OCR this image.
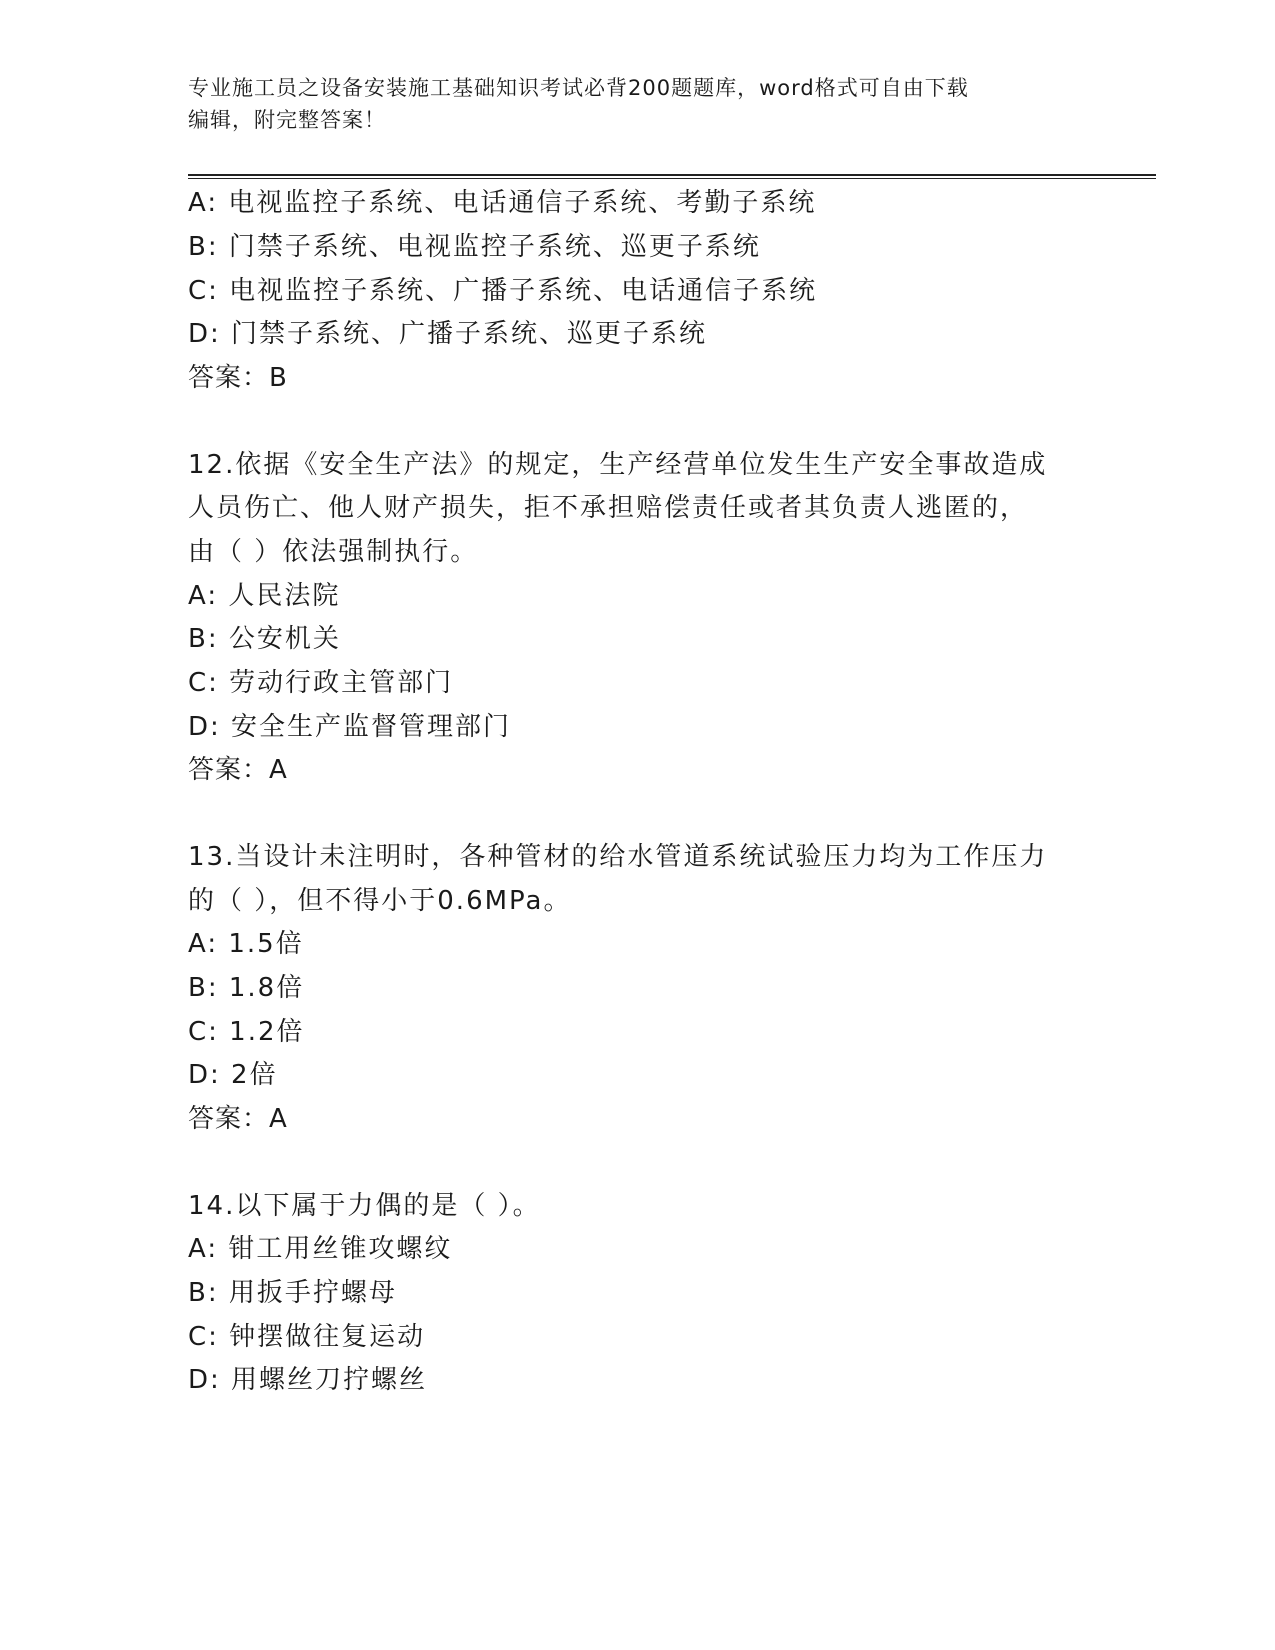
专业施工员之设备安装施工基础知识考试必背200题题库，word格式可自由下载

编辑，附完整答案！

A: 电视监控子系统、电话通信子系统、考勤子系统

B: 门禁子系统、电视监控子系统、巡更子系统

C: 电视监控子系统、广播子系统、电话通信子系统

D: 门禁子系统、广播子系统、巡更子系统

答案：B

12.依据《安全生产法》的规定，生产经营单位发生生产安全事故造成

人员伤亡、他人财产损失，拒不承担赔偿责任或者其负责人逃匿的，

由（ ）依法强制执行。

A: 人民法院

B: 公安机关

C: 劳动行政主管部门

D: 安全生产监督管理部门

答案：A

13.当设计未注明时，各种管材的给水管道系统试验压力均为工作压力

的（ ），但不得小于0.6MPa。

A: 1.5倍

B: 1.8倍

C: 1.2倍

D: 2倍

答案：A

14.以下属于力偶的是（ ）。

A: 钳工用丝锥攻螺纹

B: 用扳手拧螺母

C: 钟摆做往复运动

D: 用螺丝刀拧螺丝
